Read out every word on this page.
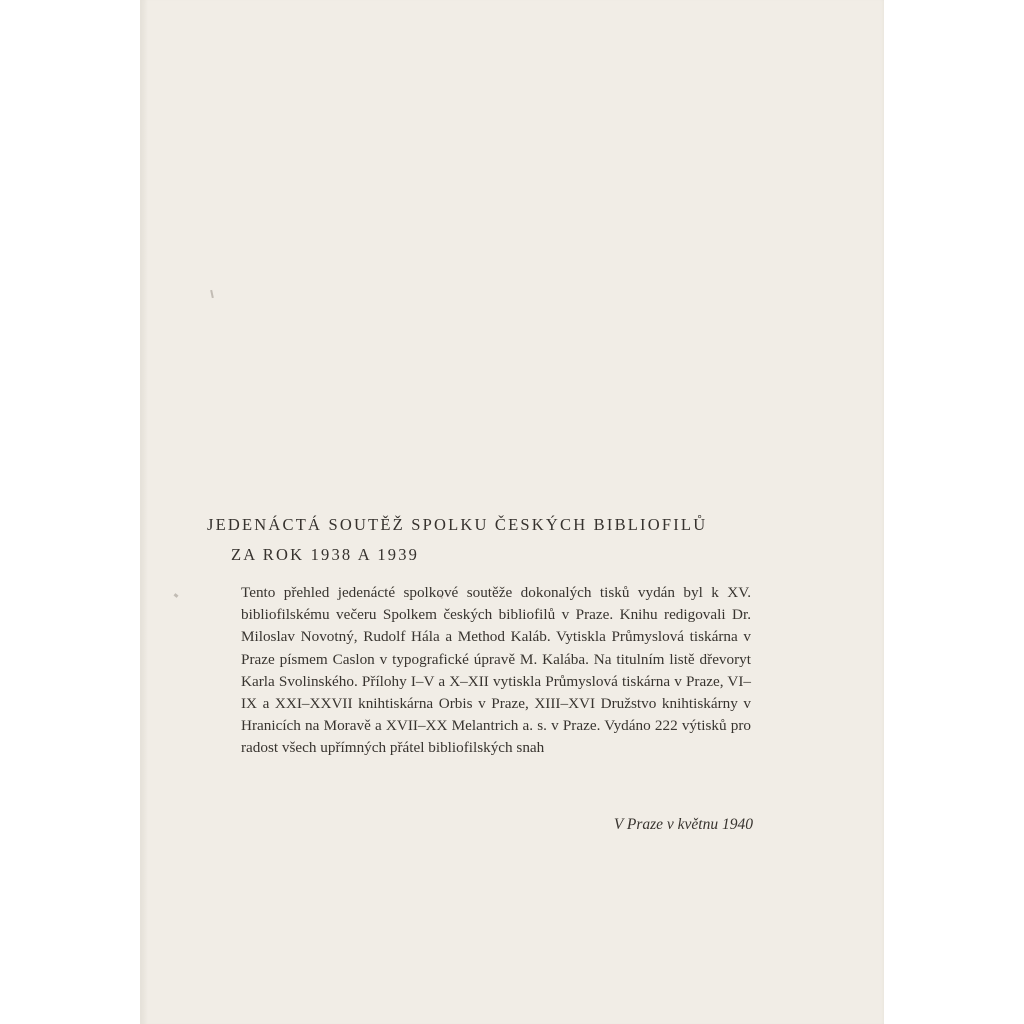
JEDENÁCTÁ SOUTĚŽ SPOLKU ČESKÝCH BIBLIOFILŮ
ZA ROK 1938 A 1939

Tento přehled jedenácté spolkové soutěže dokonalých tisků vydán byl k XV. bibliofilskému večeru Spolkem českých bibliofilů v Praze. Knihu redigovali Dr. Miloslav Novotný, Rudolf Hála a Method Kaláb. Vytiskla Průmyslová tiskárna v Praze písmem Caslon v typografické úpravě M. Kalába. Na titulním listě dřevoryt Karla Svolinského. Přílohy I–V a X–XII vytiskla Průmyslová tiskárna v Praze, VI–IX a XXI–XXVII knihtiskárna Orbis v Praze, XIII–XVI Družstvo knihtiskárny v Hranicích na Moravě a XVII–XX Melantrich a. s. v Praze. Vydáno 222 výtisků pro radost všech upřímných přátel bibliofilských snah

V Praze v květnu 1940
